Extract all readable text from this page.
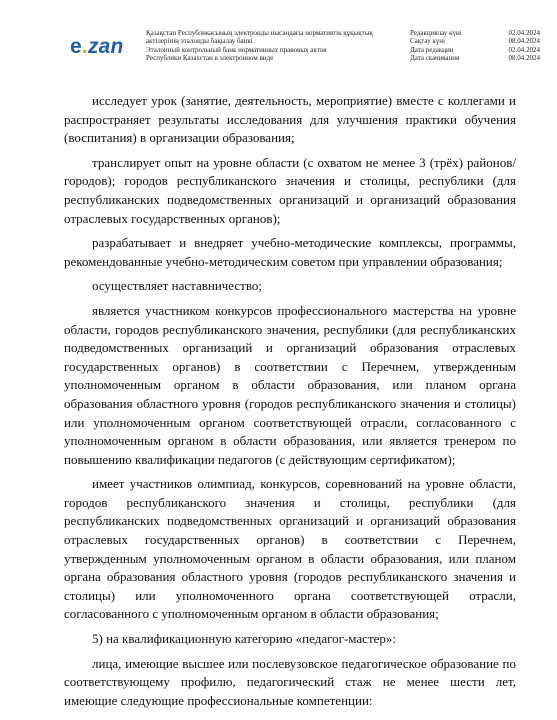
e.zan
Қазақстан Республикасының электронды нысандағы нормативтік құқықтық
актілерінің эталонды бақылау банкі
Эталонный контрольный банк нормативных правовых актов
Республики Казахстан в электронном виде
Редакциялау күні	02.04.2024
Сақтау күні	08.04.2024
Дата редакции	02.04.2024
Дата скачивания	08.04.2024

исследует урок (занятие, деятельность, мероприятие) вместе с коллегами и распространяет результаты исследования для улучшения практики обучения (воспитания) в организации образования;

транслирует опыт на уровне области (с охватом не менее 3 (трёх) районов/городов); городов республиканского значения и столицы, республики (для республиканских подведомственных организаций и организаций образования отраслевых государственных органов);

разрабатывает и внедряет учебно-методические комплексы, программы, рекомендованные учебно-методическим советом при управлении образования;

осуществляет наставничество;

является участником конкурсов профессионального мастерства на уровне области, городов республиканского значения, республики (для республиканских подведомственных организаций и организаций образования отраслевых государственных органов) в соответствии с Перечнем, утвержденным уполномоченным органом в области образования, или планом органа образования областного уровня (городов республиканского значения и столицы) или уполномоченным органом соответствующей отрасли, согласованного с уполномоченным органом в области образования, или является тренером по повышению квалификации педагогов (с действующим сертификатом);

имеет участников олимпиад, конкурсов, соревнований на уровне области, городов республиканского значения и столицы, республики (для республиканских подведомственных организаций и организаций образования отраслевых государственных органов) в соответствии с Перечнем, утвержденным уполномоченным органом в области образования, или планом органа образования областного уровня (городов республиканского значения и столицы) или уполномоченного органа соответствующей отрасли, согласованного с уполномоченным органом в области образования;

5) на квалификационную категорию «педагог-мастер»:

лица, имеющие высшее или послевузовское педагогическое образование по соответствующему профилю, педагогический стаж не менее шести лет, имеющие следующие профессиональные компетенции:
